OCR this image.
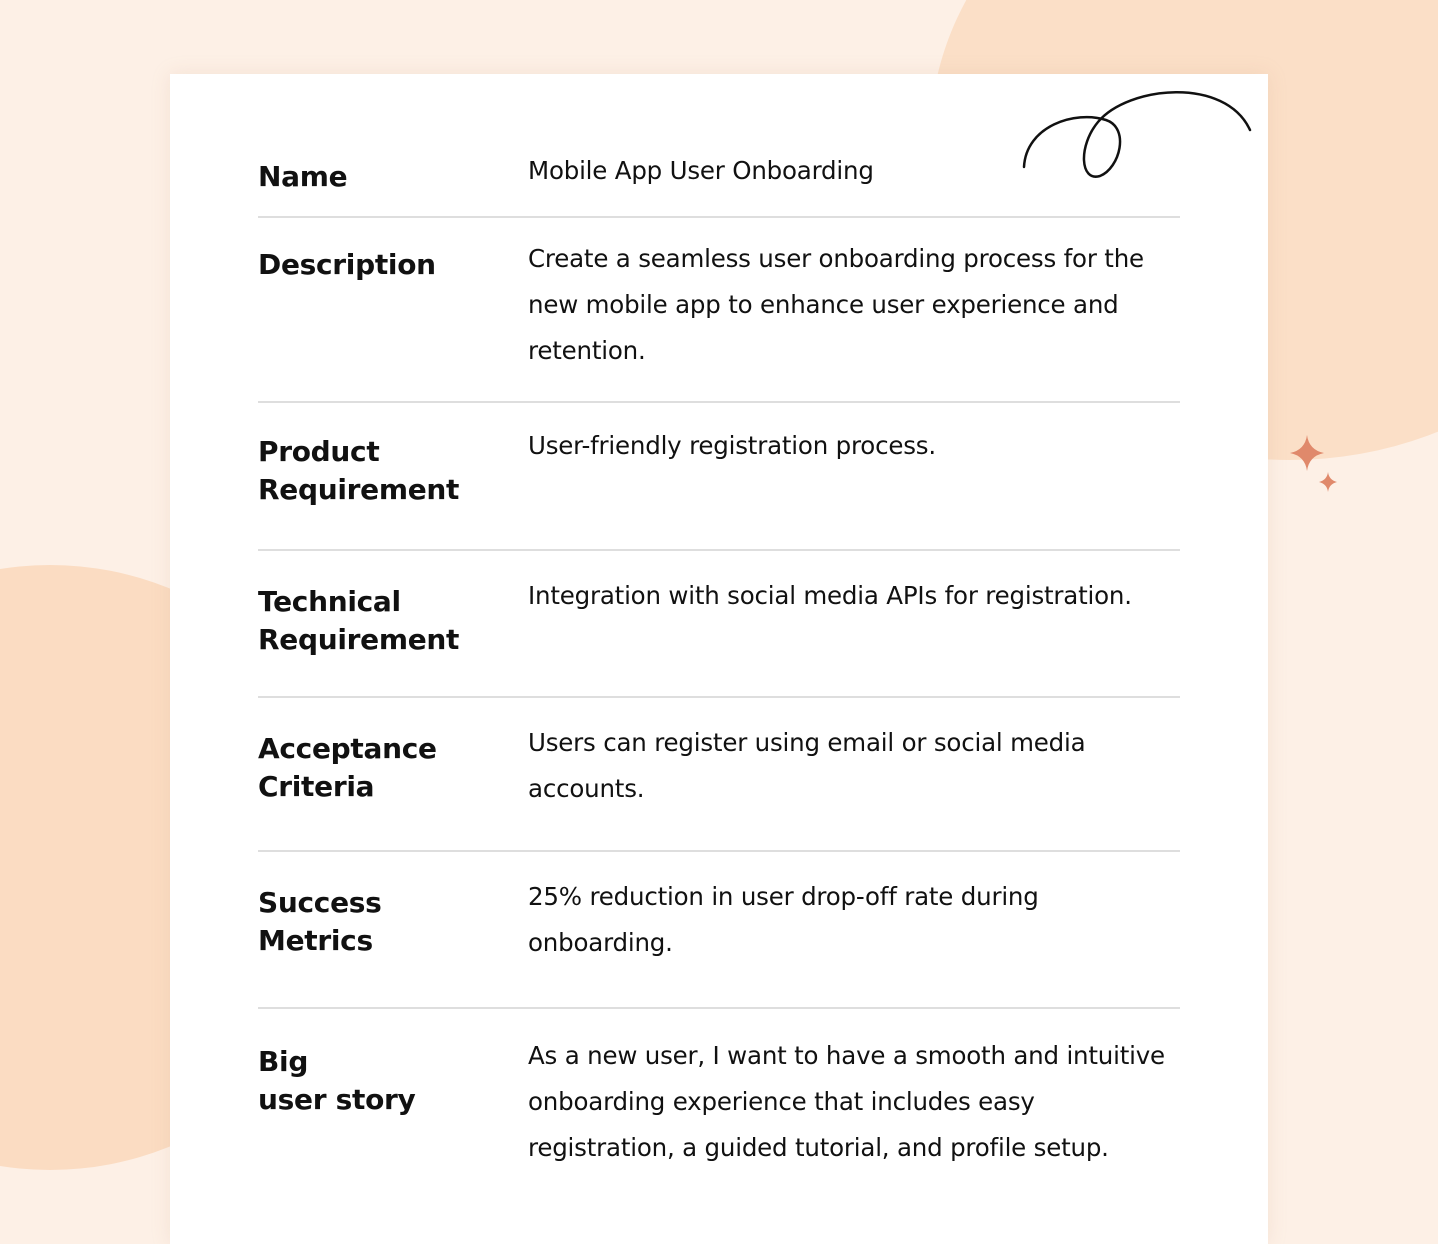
Name	Mobile App User Onboarding
Description	Create a seamless user onboarding process for the new mobile app to enhance user experience and retention.
Product
Requirement
User-friendly registration process.
Technical
Requirement
Integration with social media APIs for registration.
Acceptance
Criteria
Users can register using email or social media accounts.
Success
Metrics
25% reduction in user drop-off rate during onboarding.
Big
user story
As a new user, I want to have a smooth and intuitive onboarding experience that includes easy registration, a guided tutorial, and profile setup.
